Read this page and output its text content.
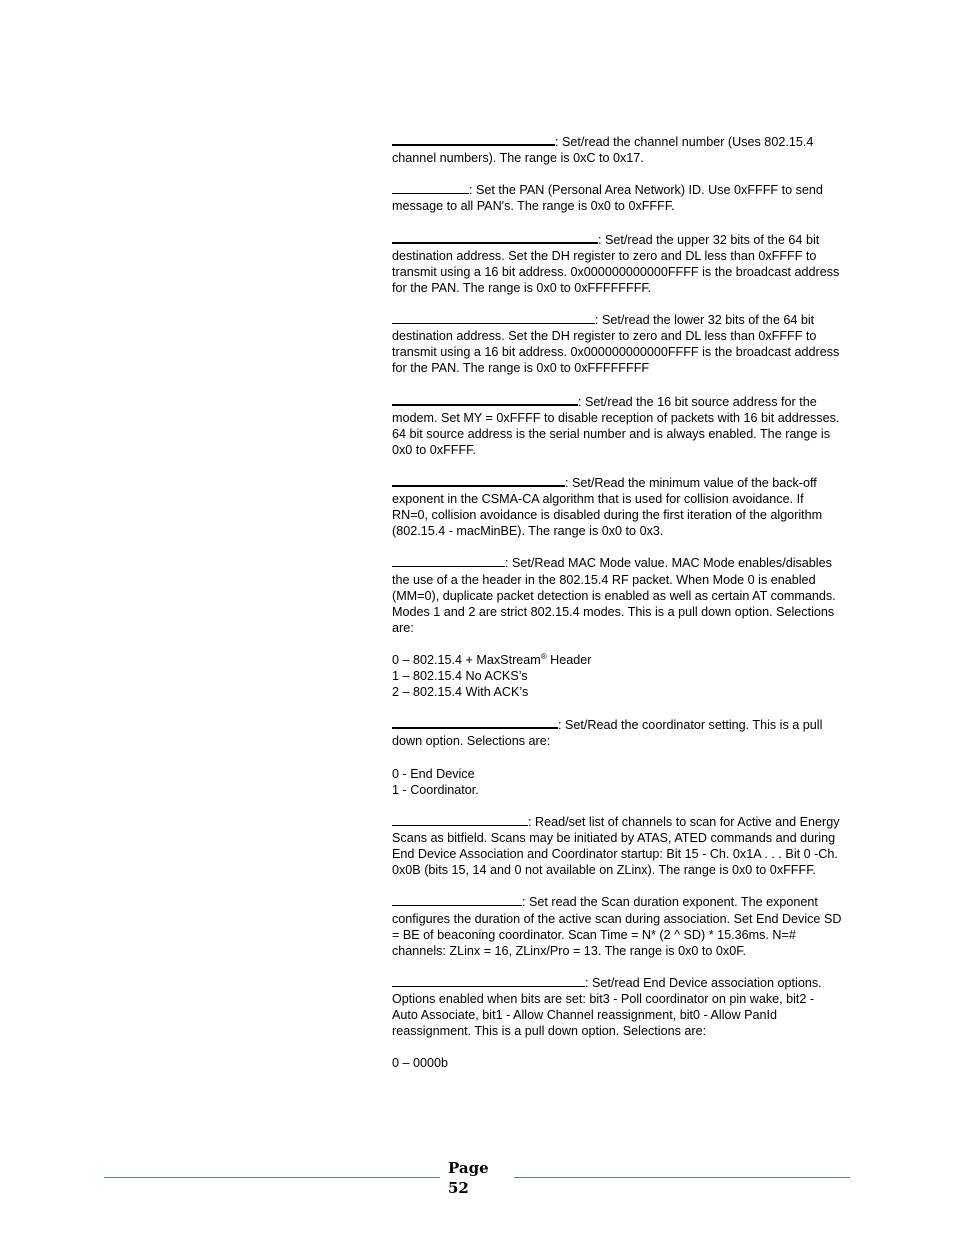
: Set/read the channel number (Uses 802.15.4 channel numbers). The range is 0xC to 0x17.

: Set the PAN (Personal Area Network) ID. Use 0xFFFF to send message to all PAN's. The range is 0x0 to 0xFFFF.

: Set/read the upper 32 bits of the 64 bit destination address. Set the DH register to zero and DL less than 0xFFFF to transmit using a 16 bit address. 0x000000000000FFFF is the broadcast address for the PAN. The range is 0x0 to 0xFFFFFFFF.

: Set/read the lower 32 bits of the 64 bit destination address. Set the DH register to zero and DL less than 0xFFFF to transmit using a 16 bit address. 0x000000000000FFFF is the broadcast address for the PAN. The range is 0x0 to 0xFFFFFFFF

: Set/read the 16 bit source address for the modem. Set MY = 0xFFFF to disable reception of packets with 16 bit addresses. 64 bit source address is the serial number and is always enabled. The range is 0x0 to 0xFFFF.

: Set/Read the minimum value of the back-off exponent in the CSMA-CA algorithm that is used for collision avoidance. If RN=0, collision avoidance is disabled during the first iteration of the algorithm (802.15.4 - macMinBE). The range is 0x0 to 0x3.

: Set/Read MAC Mode value. MAC Mode enables/disables the use of a the header in the 802.15.4 RF packet. When Mode 0 is enabled (MM=0), duplicate packet detection is enabled as well as certain AT commands. Modes 1 and 2 are strict 802.15.4 modes. This is a pull down option. Selections are:

0 – 802.15.4 + MaxStream® Header
1 – 802.15.4 No ACKS’s
2 – 802.15.4 With ACK’s

: Set/Read the coordinator setting. This is a pull down option. Selections are:

0 - End Device
1 - Coordinator.

: Read/set list of channels to scan for Active and Energy Scans as bitfield. Scans may be initiated by ATAS, ATED commands and during End Device Association and Coordinator startup: Bit 15 - Ch. 0x1A . . . Bit 0 -Ch. 0x0B (bits 15, 14 and 0 not available on ZLinx). The range is 0x0 to 0xFFFF.

: Set read the Scan duration exponent. The exponent configures the duration of the active scan during association. Set End Device SD = BE of beaconing coordinator. Scan Time = N* (2 ^ SD) * 15.36ms. N=# channels: ZLinx = 16, ZLinx/Pro = 13. The range is 0x0 to 0x0F.

: Set/read End Device association options. Options enabled when bits are set: bit3 - Poll coordinator on pin wake, bit2 - Auto Associate, bit1 - Allow Channel reassignment, bit0 - Allow PanId reassignment. This is a pull down option. Selections are:

0 – 0000b
Page
52
